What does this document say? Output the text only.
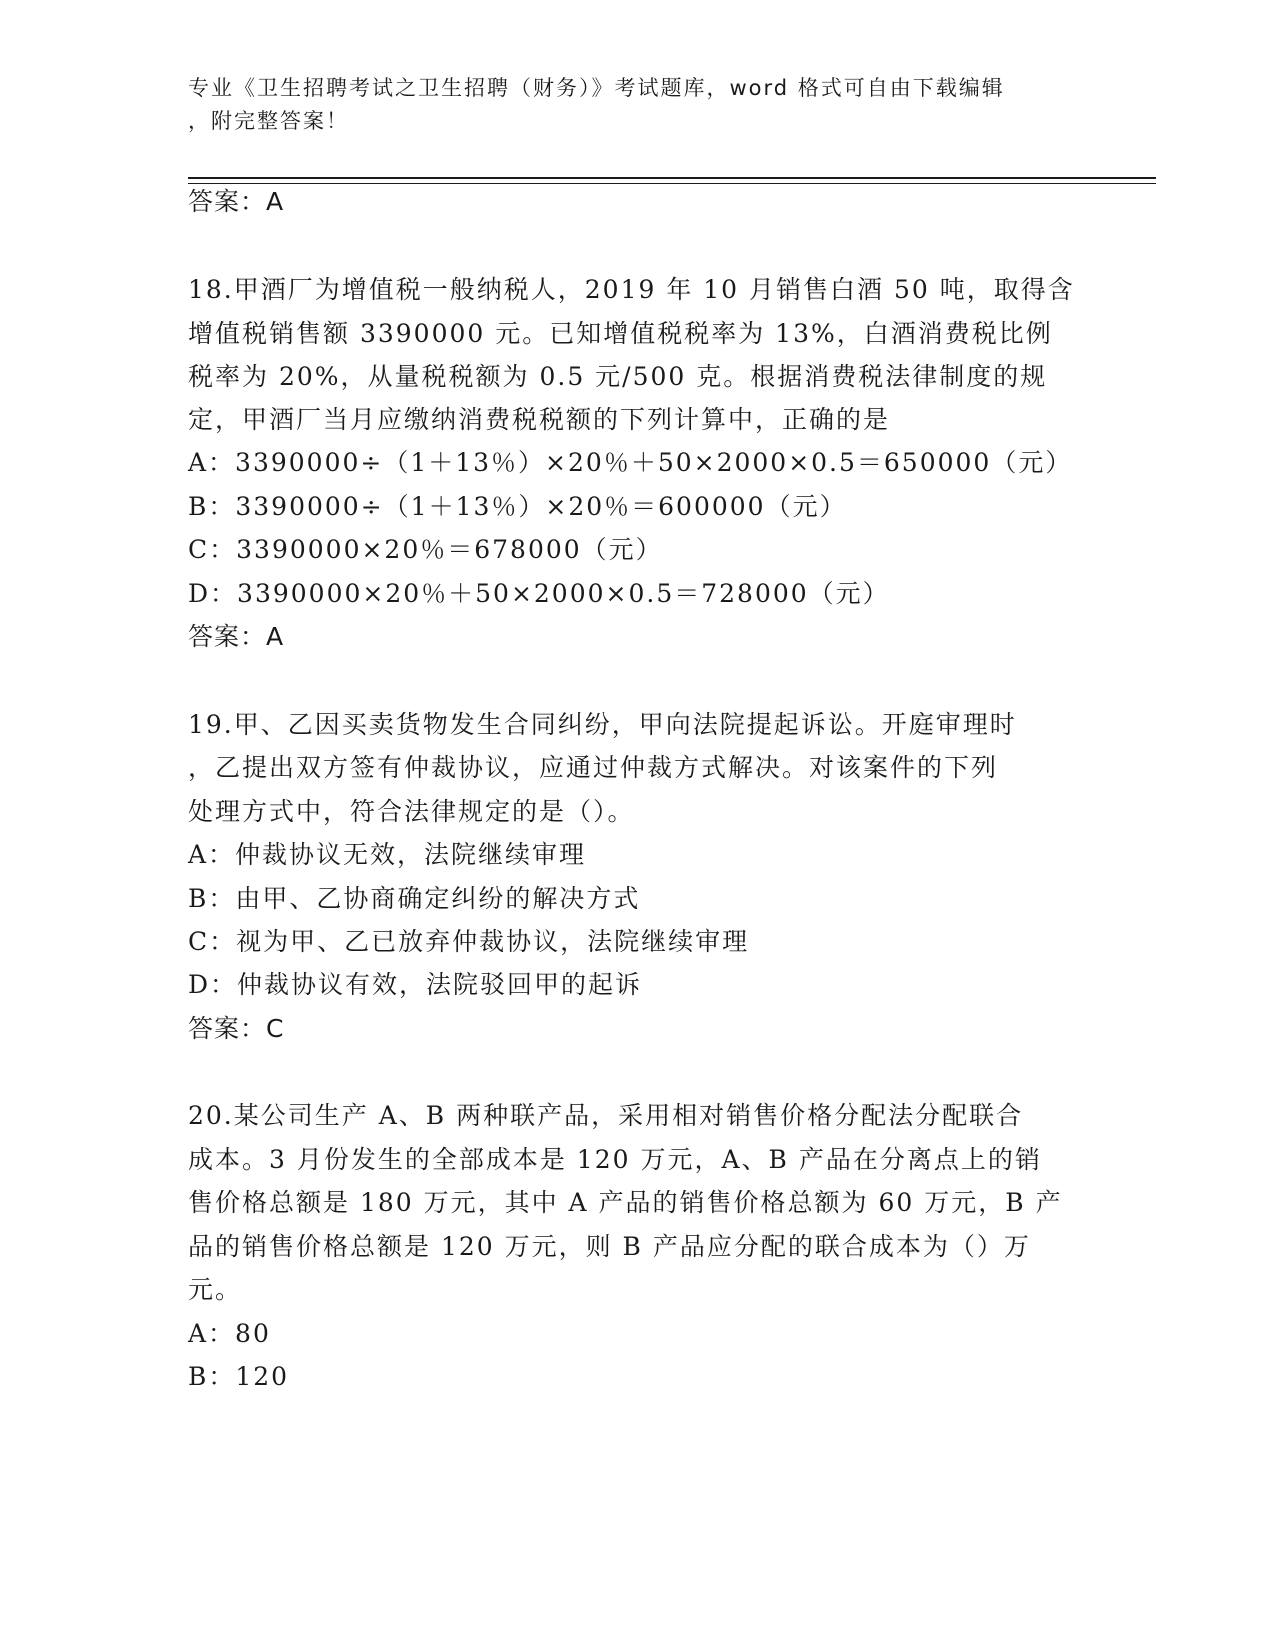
专业《卫生招聘考试之卫生招聘（财务）》考试题库，word 格式可自由下载编辑
，附完整答案！
答案：A
18.甲酒厂为增值税一般纳税人，2019 年 10 月销售白酒 50 吨，取得含
增值税销售额 3390000 元。已知增值税税率为 13%，白酒消费税比例
税率为 20%，从量税税额为 0.5 元/500 克。根据消费税法律制度的规
定，甲酒厂当月应缴纳消费税税额的下列计算中，正确的是
A：3390000÷（1＋13％）×20％＋50×2000×0.5＝650000（元）
B：3390000÷（1＋13％）×20％＝600000（元）
C：3390000×20％＝678000（元）
D：3390000×20％＋50×2000×0.5＝728000（元）
答案：A
19.甲、乙因买卖货物发生合同纠纷，甲向法院提起诉讼。开庭审理时
，乙提出双方签有仲裁协议，应通过仲裁方式解决。对该案件的下列
处理方式中，符合法律规定的是（）。
A：仲裁协议无效，法院继续审理
B：由甲、乙协商确定纠纷的解决方式
C：视为甲、乙已放弃仲裁协议，法院继续审理
D：仲裁协议有效，法院驳回甲的起诉
答案：C
20.某公司生产 A、B 两种联产品，采用相对销售价格分配法分配联合
成本。3 月份发生的全部成本是 120 万元，A、B 产品在分离点上的销
售价格总额是 180 万元，其中 A 产品的销售价格总额为 60 万元，B 产
品的销售价格总额是 120 万元，则 B 产品应分配的联合成本为（）万
元。
A：80
B：120
